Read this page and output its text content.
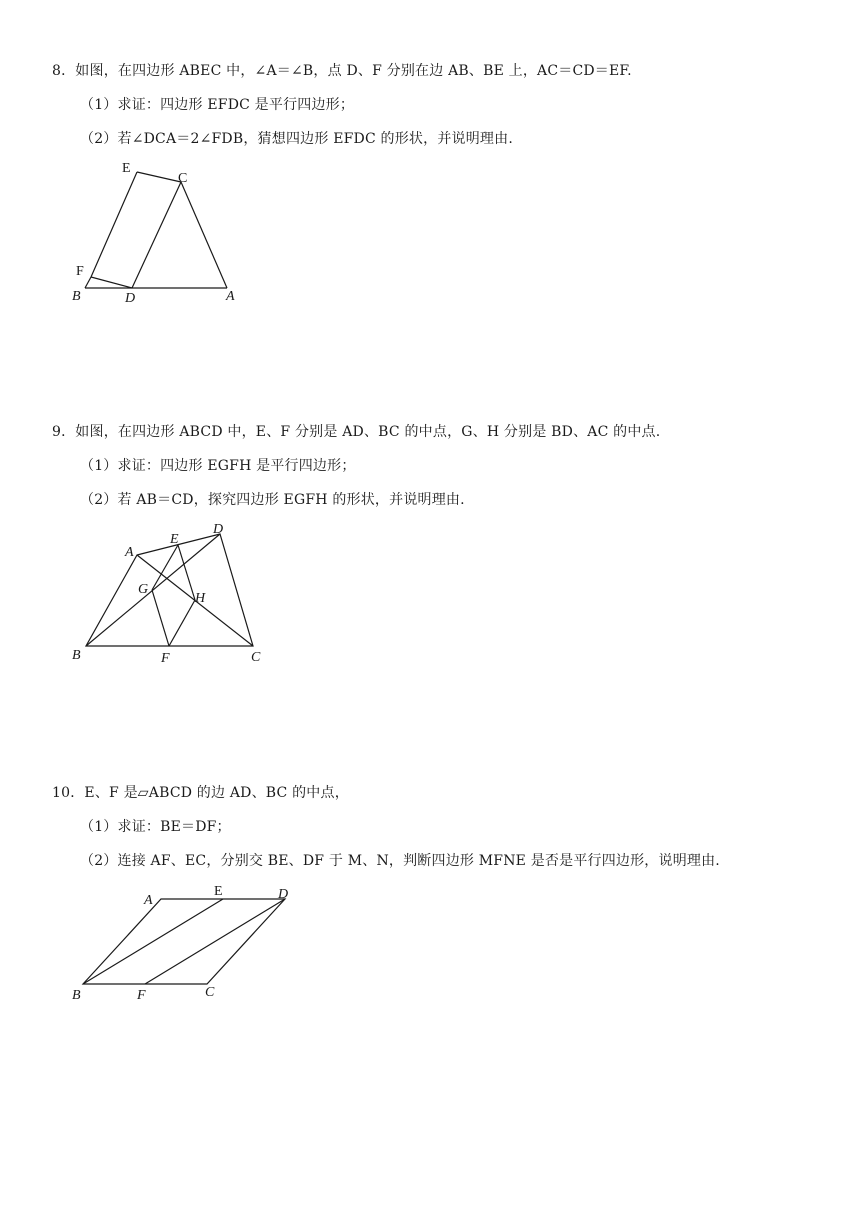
8．如图，在四边形 ABEC 中，∠A＝∠B，点 D、F 分别在边 AB、BE 上，AC＝CD＝EF.
（1）求证：四边形 EFDC 是平行四边形；
（2）若∠DCA＝2∠FDB，猜想四边形 EFDC 的形状，并说明理由.
E
C
F
B	D	A
9．如图，在四边形 ABCD 中，E、F 分别是 AD、BC 的中点，G、H 分别是 BD、AC 的中点.
（1）求证：四边形 EGFH 是平行四边形；
（2）若 AB＝CD，探究四边形 EGFH 的形状，并说明理由.
A
E
D
G
H
B	F	C
10．E、F 是▱ABCD 的边 AD、BC 的中点，
（1）求证：BE＝DF；
（2）连接 AF、EC，分别交 BE、DF 于 M、N，判断四边形 MFNE 是否是平行四边形，说明理由.
A
E	D
B	F	C
